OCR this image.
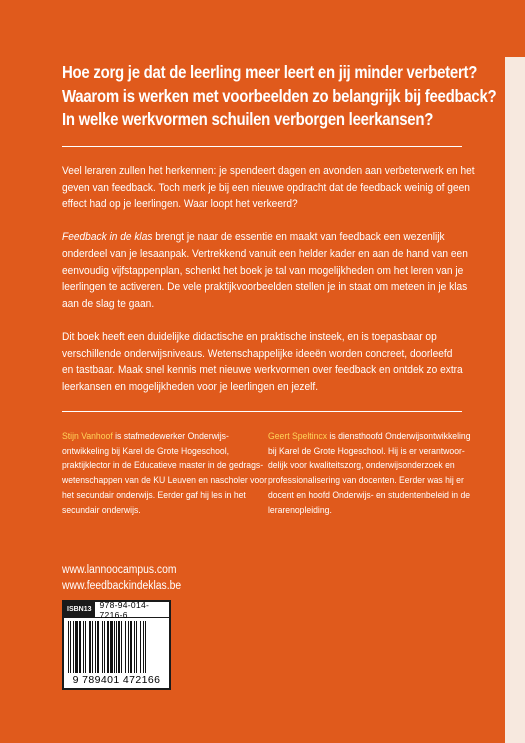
Hoe zorg je dat de leerling meer leert en jij minder verbetert?
Waarom is werken met voorbeelden zo belangrijk bij feedback?
In welke werkvormen schuilen verborgen leerkansen?
Veel leraren zullen het herkennen: je spendeert dagen en avonden aan verbeterwerk en het
geven van feedback. Toch merk je bij een nieuwe opdracht dat de feedback weinig of geen
effect had op je leerlingen. Waar loopt het verkeerd?
Feedback in de klas brengt je naar de essentie en maakt van feedback een wezenlijk
onderdeel van je lesaanpak. Vertrekkend vanuit een helder kader en aan de hand van een
eenvoudig vijfstappenplan, schenkt het boek je tal van mogelijkheden om het leren van je
leerlingen te activeren. De vele praktijkvoorbeelden stellen je in staat om meteen in je klas
aan de slag te gaan.
Dit boek heeft een duidelijke didactische en praktische insteek, en is toepasbaar op
verschillende onderwijsniveaus. Wetenschappelijke ideeën worden concreet, doorleefd
en tastbaar. Maak snel kennis met nieuwe werkvormen over feedback en ontdek zo extra
leerkansen en mogelijkheden voor je leerlingen en jezelf.
Stijn Vanhoof is stafmedewerker Onderwijs-
ontwikkeling bij Karel de Grote Hogeschool,
praktijklector in de Educatieve master in de gedrags-
wetenschappen van de KU Leuven en nascholer voor
het secundair onderwijs. Eerder gaf hij les in het
secundair onderwijs.
Geert Speltincx is diensthoofd Onderwijsontwikkeling
bij Karel de Grote Hogeschool. Hij is er verantwoor-
delijk voor kwaliteitszorg, onderwijsonderzoek en
professionalisering van docenten. Eerder was hij er
docent en hoofd Onderwijs- en studentenbeleid in de
lerarenopleiding.
www.lannoocampus.com
www.feedbackindeklas.be
ISBN13 978-94-014-7216-6
9 789401 472166
